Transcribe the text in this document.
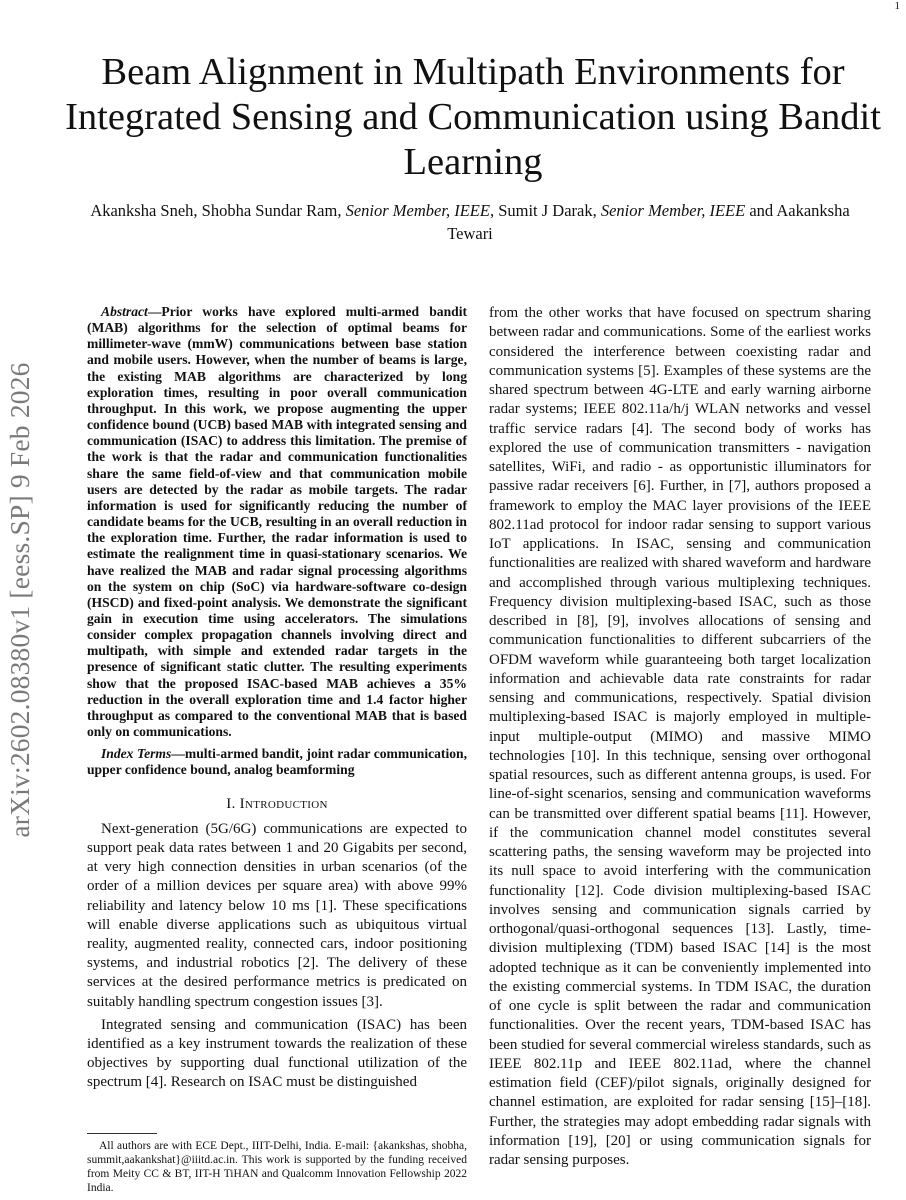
1
arXiv:2602.08380v1 [eess.SP] 9 Feb 2026
Beam Alignment in Multipath Environments for Integrated Sensing and Communication using Bandit Learning
Akanksha Sneh, Shobha Sundar Ram, Senior Member, IEEE, Sumit J Darak, Senior Member, IEEE and Aakanksha Tewari

Abstract—Prior works have explored multi-armed bandit (MAB) algorithms for the selection of optimal beams for millimeter-wave (mmW) communications between base station and mobile users. However, when the number of beams is large, the existing MAB algorithms are characterized by long exploration times, resulting in poor overall communication throughput. In this work, we propose augmenting the upper confidence bound (UCB) based MAB with integrated sensing and communication (ISAC) to address this limitation. The premise of the work is that the radar and communication functionalities share the same field-of-view and that communication mobile users are detected by the radar as mobile targets. The radar information is used for significantly reducing the number of candidate beams for the UCB, resulting in an overall reduction in the exploration time. Further, the radar information is used to estimate the realignment time in quasi-stationary scenarios. We have realized the MAB and radar signal processing algorithms on the system on chip (SoC) via hardware-software co-design (HSCD) and fixed-point analysis. We demonstrate the significant gain in execution time using accelerators. The simulations consider complex propagation channels involving direct and multipath, with simple and extended radar targets in the presence of significant static clutter. The resulting experiments show that the proposed ISAC-based MAB achieves a 35% reduction in the overall exploration time and 1.4 factor higher throughput as compared to the conventional MAB that is based only on communications.

Index Terms—multi-armed bandit, joint radar communication, upper confidence bound, analog beamforming

I. Introduction

Next-generation (5G/6G) communications are expected to support peak data rates between 1 and 20 Gigabits per second, at very high connection densities in urban scenarios (of the order of a million devices per square area) with above 99% reliability and latency below 10 ms [1]. These specifications will enable diverse applications such as ubiquitous virtual reality, augmented reality, connected cars, indoor positioning systems, and industrial robotics [2]. The delivery of these services at the desired performance metrics is predicated on suitably handling spectrum congestion issues [3].

Integrated sensing and communication (ISAC) has been identified as a key instrument towards the realization of these objectives by supporting dual functional utilization of the spectrum [4]. Research on ISAC must be distinguished

from the other works that have focused on spectrum sharing between radar and communications. Some of the earliest works considered the interference between coexisting radar and communication systems [5]. Examples of these systems are the shared spectrum between 4G-LTE and early warning airborne radar systems; IEEE 802.11a/h/j WLAN networks and vessel traffic service radars [4]. The second body of works has explored the use of communication transmitters - navigation satellites, WiFi, and radio - as opportunistic illuminators for passive radar receivers [6]. Further, in [7], authors proposed a framework to employ the MAC layer provisions of the IEEE 802.11ad protocol for indoor radar sensing to support various IoT applications. In ISAC, sensing and communication functionalities are realized with shared waveform and hardware and accomplished through various multiplexing techniques. Frequency division multiplexing-based ISAC, such as those described in [8], [9], involves allocations of sensing and communication functionalities to different subcarriers of the OFDM waveform while guaranteeing both target localization information and achievable data rate constraints for radar sensing and communications, respectively. Spatial division multiplexing-based ISAC is majorly employed in multiple-input multiple-output (MIMO) and massive MIMO technologies [10]. In this technique, sensing over orthogonal spatial resources, such as different antenna groups, is used. For line-of-sight scenarios, sensing and communication waveforms can be transmitted over different spatial beams [11]. However, if the communication channel model constitutes several scattering paths, the sensing waveform may be projected into its null space to avoid interfering with the communication functionality [12]. Code division multiplexing-based ISAC involves sensing and communication signals carried by orthogonal/quasi-orthogonal sequences [13]. Lastly, time-division multiplexing (TDM) based ISAC [14] is the most adopted technique as it can be conveniently implemented into the existing commercial systems. In TDM ISAC, the duration of one cycle is split between the radar and communication functionalities. Over the recent years, TDM-based ISAC has been studied for several commercial wireless standards, such as IEEE 802.11p and IEEE 802.11ad, where the channel estimation field (CEF)/pilot signals, originally designed for channel estimation, are exploited for radar sensing [15]–[18]. Further, the strategies may adopt embedding radar signals with information [19], [20] or using communication signals for radar sensing purposes.

All authors are with ECE Dept., IIIT-Delhi, India. E-mail: {akankshas, shobha, summit,aakankshat}@iiitd.ac.in. This work is supported by the funding received from Meity CC & BT, IIT-H TiHAN and Qualcomm Innovation Fellowship 2022 India.
